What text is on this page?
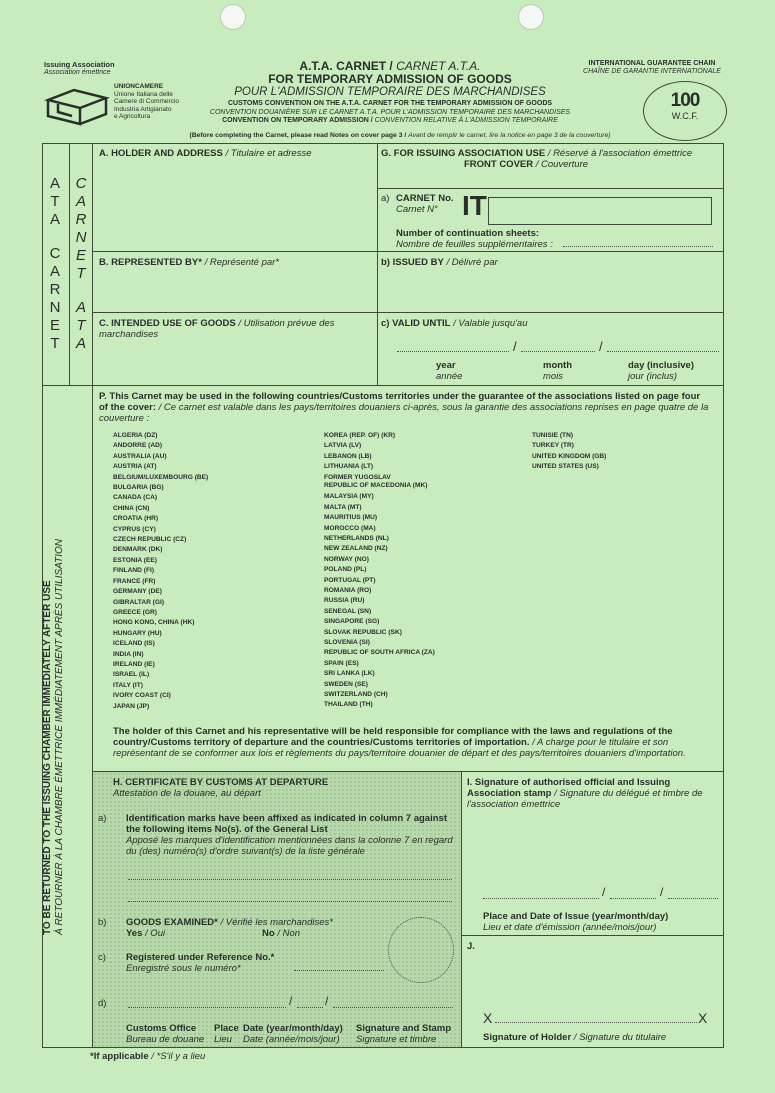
Issuing Association
Association émettrice
UNIONCAMERE
Unione Italiana delle
Camere di Commercio
Industria Artigianato
e Agricoltura
A.T.A. CARNET / CARNET A.T.A.
FOR TEMPORARY ADMISSION OF GOODS
POUR L'ADMISSION TEMPORAIRE DES MARCHANDISES
CUSTOMS CONVENTION ON THE A.T.A. CARNET FOR THE TEMPORARY ADMISSION OF GOODS
CONVENTION DOUANIÈRE SUR LE CARNET A.T.A. POUR L'ADMISSION TEMPORAIRE DES MARCHANDISES
CONVENTION ON TEMPORARY ADMISSION / CONVENTION RELATIVE À L'ADMISSION TEMPORAIRE
(Before completing the Carnet, please read Notes on cover page 3 / Avant de remplir le carnet, lire la notice en page 3 de la couverture)
INTERNATIONAL GUARANTEE CHAIN
CHAÎNE DE GARANTIE INTERNATIONALE
100
W.C.F.
A
T
A
C
A
R
N
E
T
C
A
R
N
E
T
A
T
A
TO BE RETURNED TO THE ISSUING CHAMBER IMMEDIATELY AFTER USE À RETOURNER À LA CHAMBRE ÉMETTRICE IMMÉDIATEMENT APRÈS UTILISATION
A. HOLDER AND ADDRESS / Titulaire et adresse
B. REPRESENTED BY* / Représenté par*
C. INTENDED USE OF GOODS / Utilisation prévue des marchandises
G. FOR ISSUING ASSOCIATION USE / Réservé à l'association émettrice
FRONT COVER / Couverture
a) CARNET No.
Carnet N° IT
Number of continuation sheets:
Nombre de feuilles supplémentaires :
b) ISSUED BY / Délivré par
c) VALID UNTIL / Valable jusqu'au
/	/
year
année
month
mois
day (inclusive)
jour (inclus)
P. This Carnet may be used in the following countries/Customs territories under the guarantee of the associations listed on page four of the cover: / Ce carnet est valable dans les pays/territoires douaniers ci-après, sous la garantie des associations reprises en page quatre de la couverture :
ALGERIA (DZ)
ANDORRE (AD)
AUSTRALIA (AU)
AUSTRIA (AT)
BELGIUM/LUXEMBOURG (BE)
BULGARIA (BG)
CANADA (CA)
CHINA (CN)
CROATIA (HR)
CYPRUS (CY)
CZECH REPUBLIC (CZ)
DENMARK (DK)
ESTONIA (EE)
FINLAND (FI)
FRANCE (FR)
GERMANY (DE)
GIBRALTAR (GI)
GREECE (GR)
HONG KONG, CHINA (HK)
HUNGARY (HU)
ICELAND (IS)
INDIA (IN)
IRELAND (IE)
ISRAEL (IL)
ITALY (IT)
IVORY COAST (CI)
JAPAN (JP)
KOREA (REP. OF) (KR)
LATVIA (LV)
LEBANON (LB)
LITHUANIA (LT)
FORMER YUGOSLAV
REPUBLIC OF MACEDONIA (MK)
MALAYSIA (MY)
MALTA (MT)
MAURITIUS (MU)
MOROCCO (MA)
NETHERLANDS (NL)
NEW ZEALAND (NZ)
NORWAY (NO)
POLAND (PL)
PORTUGAL (PT)
ROMANIA (RO)
RUSSIA (RU)
SENEGAL (SN)
SINGAPORE (SG)
SLOVAK REPUBLIC (SK)
SLOVENIA (SI)
REPUBLIC OF SOUTH AFRICA (ZA)
SPAIN (ES)
SRI LANKA (LK)
SWEDEN (SE)
SWITZERLAND (CH)
THAILAND (TH)
TUNISIE (TN)
TURKEY (TR)
UNITED KINGDOM (GB)
UNITED STATES (US)
The holder of this Carnet and his representative will be held responsible for compliance with the laws and regulations of the country/Customs territory of departure and the countries/Customs territories of importation. / A charge pour le titulaire et son représentant de se conformer aux lois et règlements du pays/territoire douanier de départ et des pays/territoires douaniers d'importation.
H. CERTIFICATE BY CUSTOMS AT DEPARTURE
Attestation de la douane, au départ
a) Identification marks have been affixed as indicated in column 7 against the following items No(s). of the General List
Apposé les marques d'identification mentionnées dans la colonne 7 en regard du (des) numéro(s) d'ordre suivant(s) de la liste générale
b) GOODS EXAMINED* / Vérifié les marchandises*
Yes / Oui	No / Non
c) Registered under Reference No.*
Enregistré sous le numéro*
d)	/	/
Customs Office
Bureau de douane
Place
Lieu
Date (year/month/day)
Date (année/mois/jour)
Signature and Stamp
Signature et timbre
I. Signature of authorised official and Issuing Association stamp / Signature du délégué et timbre de l'association émettrice
/	/
Place and Date of Issue (year/month/day)
Lieu et date d'émission (année/mois/jour)
J.
X	X
Signature of Holder / Signature du titulaire
*If applicable / *S'il y a lieu
